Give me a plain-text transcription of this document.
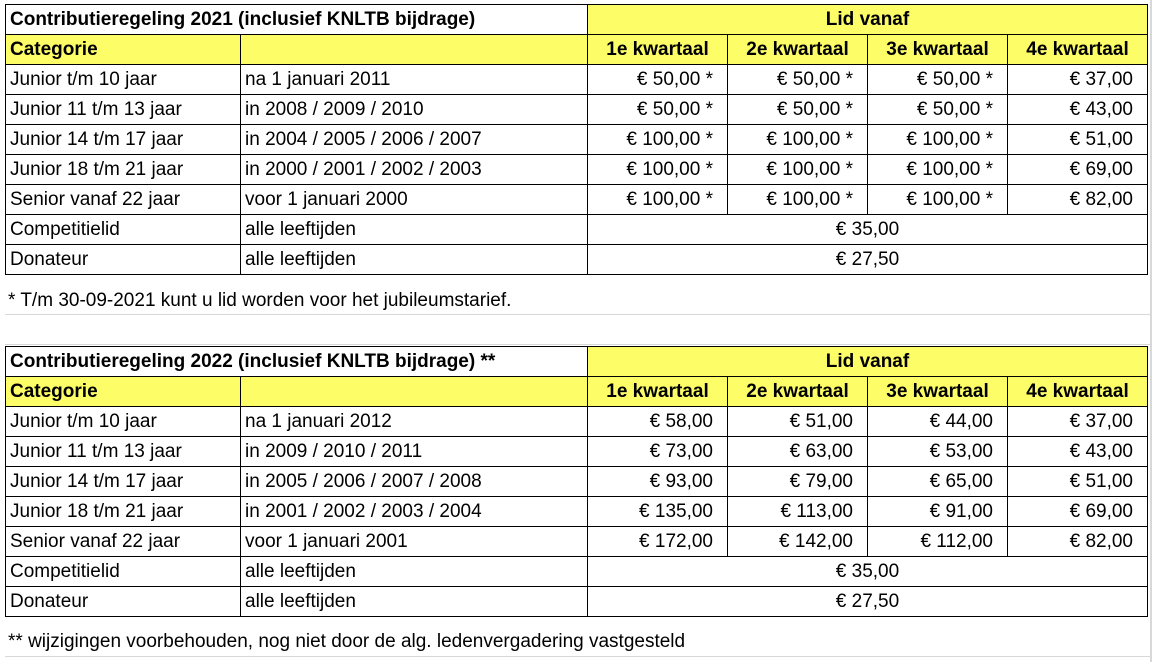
Contributieregeling 2021 (inclusief KNLTB bijdrage)		Lid vanaf			
Categorie		1e kwartaal	2e kwartaal	3e kwartaal	4e kwartaal
Junior t/m 10 jaar	na 1 januari 2011	€ 50,00 *	€ 50,00 *	€ 50,00 *	€ 37,00
Junior 11 t/m 13 jaar	in 2008 / 2009 / 2010	€ 50,00 *	€ 50,00 *	€ 50,00 *	€ 43,00
Junior 14 t/m 17 jaar	in 2004 / 2005 / 2006 / 2007	€ 100,00 *	€ 100,00 *	€ 100,00 *	€ 51,00
Junior 18 t/m 21 jaar	in 2000 / 2001 / 2002 / 2003	€ 100,00 *	€ 100,00 *	€ 100,00 *	€ 69,00
Senior vanaf 22 jaar	voor 1 januari 2000	€ 100,00 *	€ 100,00 *	€ 100,00 *	€ 82,00
Competitielid	alle leeftijden	€ 35,00			
Donateur	alle leeftijden	€ 27,50			
* T/m 30-09-2021 kunt u lid worden voor het jubileumstarief.
Contributieregeling 2022 (inclusief KNLTB bijdrage) **		Lid vanaf			
Categorie		1e kwartaal	2e kwartaal	3e kwartaal	4e kwartaal
Junior t/m 10 jaar	na 1 januari 2012	€ 58,00	€ 51,00	€ 44,00	€ 37,00
Junior 11 t/m 13 jaar	in 2009 / 2010 / 2011	€ 73,00	€ 63,00	€ 53,00	€ 43,00
Junior 14 t/m 17 jaar	in 2005 / 2006 / 2007 / 2008	€ 93,00	€ 79,00	€ 65,00	€ 51,00
Junior 18 t/m 21 jaar	in 2001 / 2002 / 2003 / 2004	€ 135,00	€ 113,00	€ 91,00	€ 69,00
Senior vanaf 22 jaar	voor 1 januari 2001	€ 172,00	€ 142,00	€ 112,00	€ 82,00
Competitielid	alle leeftijden	€ 35,00			
Donateur	alle leeftijden	€ 27,50			
** wijzigingen voorbehouden, nog niet door de alg. ledenvergadering vastgesteld
